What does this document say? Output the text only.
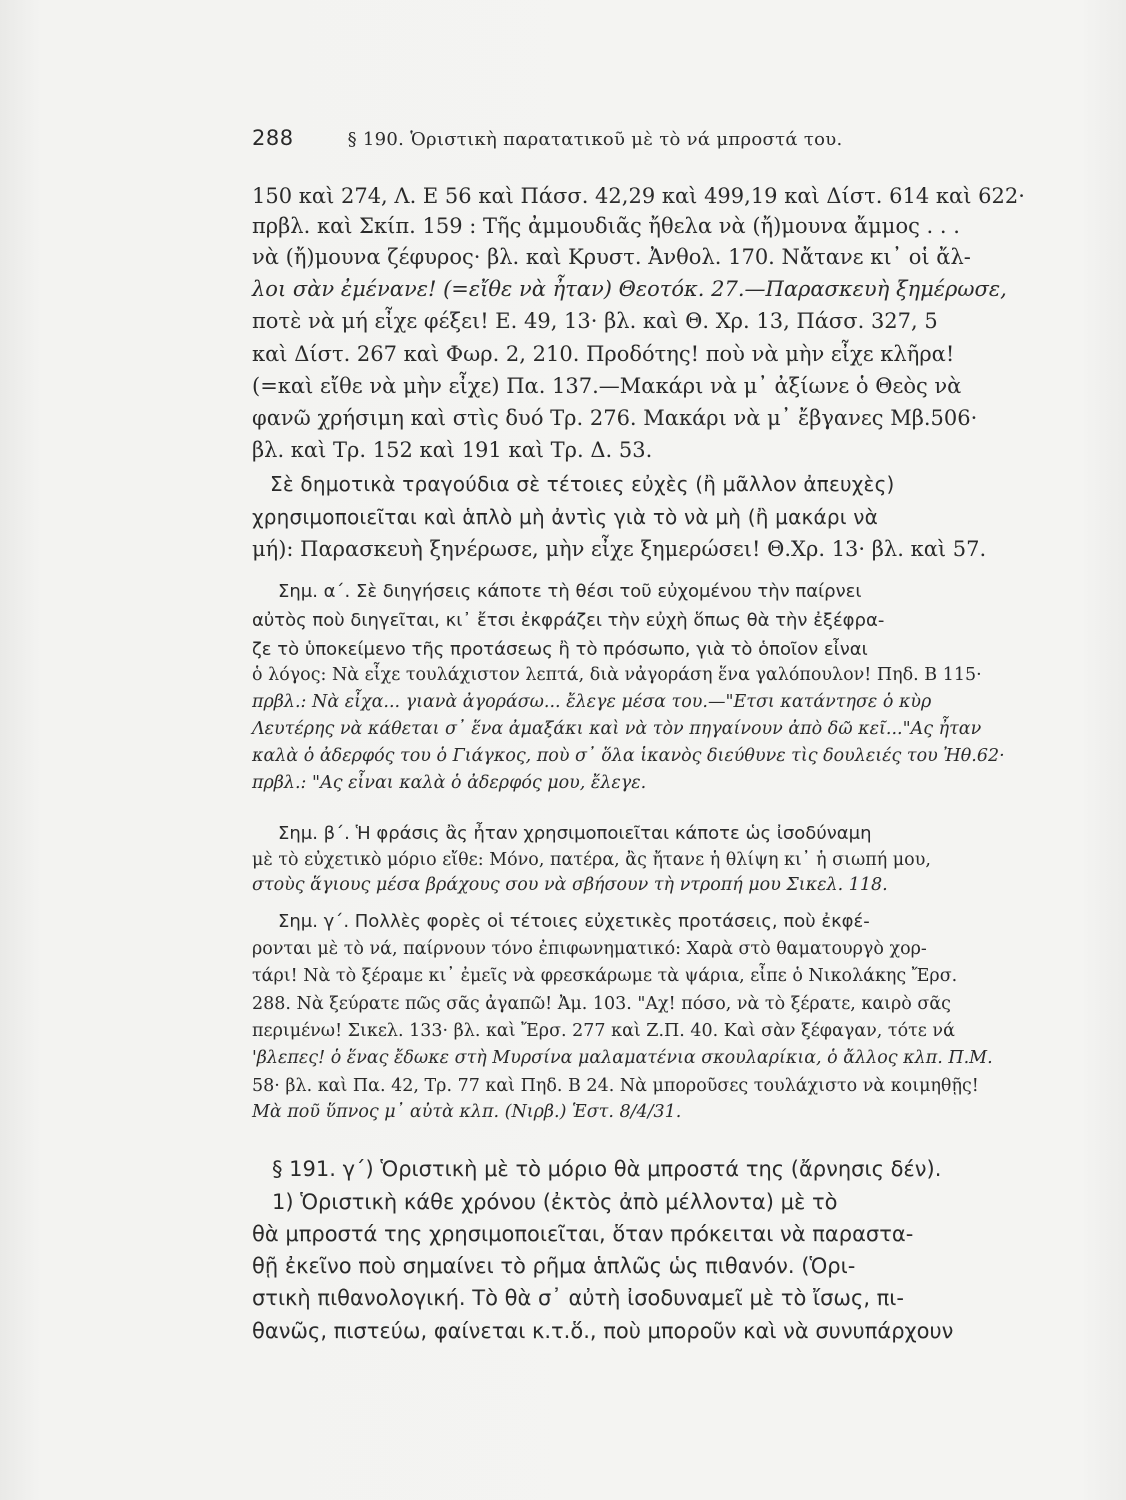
288	§ 190. Ὁριστικὴ παρατατικοῦ μὲ τὸ νά μπροστά του.
150 καὶ 274, Λ. Ε 56 καὶ Πάσσ. 42,29 καὶ 499,19 καὶ Δίστ. 614 καὶ 622·
πρβλ. καὶ Σκίπ. 159 : Τῆς ἀμμουδιᾶς ἤθελα νὰ (ἤ)μουνα ἄμμος . . .
νὰ (ἤ)μουνα ζέφυρος· βλ. καὶ Κρυστ. Ἀνθολ. 170. Νἄτανε κι᾿ οἱ ἄλ-
λοι σὰν ἐμένανε! (=εἴθε νὰ ἦταν) Θεοτόκ. 27.—Παρασκευὴ ξημέρωσε,
ποτὲ νὰ μή εἶχε φέξει! Ε. 49, 13· βλ. καὶ Θ. Χρ. 13, Πάσσ. 327, 5
καὶ Δίστ. 267 καὶ Φωρ. 2, 210. Προδότης! ποὺ νὰ μὴν εἶχε κλῆρα!
(=καὶ εἴθε νὰ μὴν εἶχε) Πα. 137.—Μακάρι νὰ μ᾿ ἀξίωνε ὁ Θεὸς νὰ
φανῶ χρήσιμη καὶ στὶς δυό Τρ. 276. Μακάρι νὰ μ᾿ ἔβγανες Μβ.506·
βλ. καὶ Τρ. 152 καὶ 191 καὶ Τρ. Δ. 53.
Σὲ δημοτικὰ τραγούδια σὲ τέτοιες εὐχὲς (ἢ μᾶλλον ἀπευχὲς)
χρησιμοποιεῖται καὶ ἁπλὸ μὴ ἀντὶς γιὰ τὸ νὰ μὴ (ἢ μακάρι νὰ
μή): Παρασκευὴ ξηνέρωσε, μὴν εἶχε ξημερώσει! Θ.Χρ. 13· βλ. καὶ 57.
Σημ. α΄. Σὲ διηγήσεις κάποτε τὴ θέσι τοῦ εὐχομένου τὴν παίρνει
αὐτὸς ποὺ διηγεῖται, κι᾿ ἔτσι ἐκφράζει τὴν εὐχὴ ὅπως θὰ τὴν ἐξέφρα-
ζε τὸ ὑποκείμενο τῆς προτάσεως ἢ τὸ πρόσωπο, γιὰ τὸ ὁποῖον εἶναι
ὁ λόγος: Νὰ εἶχε τουλάχιστον λεπτά, διὰ νἀγοράση ἕνα γαλόπουλον! Πηδ. Β 115·
πρβλ.: Νὰ εἶχα... γιανὰ ἀγοράσω... ἔλεγε μέσα του.—"Ετσι κατάντησε ὁ κὺρ
Λευτέρης νὰ κάθεται σ᾿ ἕνα ἀμαξάκι καὶ νὰ τὸν πηγαίνουν ἀπὸ δῶ κεῖ..."Ας ἦταν
καλὰ ὁ ἀδερφός του ὁ Γιάγκος, ποὺ σ᾿ ὅλα ἱκανὸς διεύθυνε τὶς δουλειές του Ἠθ.62·
πρβλ.: "Ας εἶναι καλὰ ὁ ἀδερφός μου, ἔλεγε.
Σημ. β΄. Ἡ φράσις ἂς ἦταν χρησιμοποιεῖται κάποτε ὡς ἰσοδύναμη
μὲ τὸ εὐχετικὸ μόριο εἴθε: Μόνο, πατέρα, ἂς ἤτανε ἡ θλίψη κι᾿ ἡ σιωπή μου,
στοὺς ἅγιους μέσα βράχους σου νὰ σβήσουν τὴ ντροπή μου Σικελ. 118.
Σημ. γ΄. Πολλὲς φορὲς οἱ τέτοιες εὐχετικὲς προτάσεις, ποὺ ἐκφέ-
ρονται μὲ τὸ νά, παίρνουν τόνο ἐπιφωνηματικό: Χαρὰ στὸ θαματουργὸ χορ-
τάρι! Νὰ τὸ ξέραμε κι᾿ ἐμεῖς νὰ φρεσκάρωμε τὰ ψάρια, εἶπε ὁ Νικολάκης Ἔρσ.
288. Νὰ ξεύρατε πῶς σᾶς ἀγαπῶ! Ἀμ. 103. "Αχ! πόσο, νὰ τὸ ξέρατε, καιρὸ σᾶς
περιμένω! Σικελ. 133· βλ. καὶ Ἔρσ. 277 καὶ Ζ.Π. 40. Καὶ σὰν ξέφαγαν, τότε νά
'βλεπες! ὁ ἕνας ἔδωκε στὴ Μυρσίνα μαλαματένια σκουλαρίκια, ὁ ἄλλος κλπ. Π.Μ.
58· βλ. καὶ Πα. 42, Τρ. 77 καὶ Πηδ. Β 24. Νὰ μποροῦσες τουλάχιστο νὰ κοιμηθῇς!
Μὰ ποῦ ὕπνος μ᾿ αὐτὰ κλπ. (Νιρβ.) Ἑστ. 8/4/31.
§ 191. γ΄) Ὁριστικὴ μὲ τὸ μόριο θὰ μπροστά της (ἄρνησις δέν).
1) Ὁριστικὴ κάθε χρόνου (ἐκτὸς ἀπὸ μέλλοντα) μὲ τὸ
θὰ μπροστά της χρησιμοποιεῖται, ὅταν πρόκειται νὰ παραστα-
θῇ ἐκεῖνο ποὺ σημαίνει τὸ ρῆμα ἁπλῶς ὡς πιθανόν. (Ὁρι-
στικὴ πιθανολογική. Τὸ θὰ σ᾿ αὐτὴ ἰσοδυναμεῖ μὲ τὸ ἴσως, πι-
θανῶς, πιστεύω, φαίνεται κ.τ.ὅ., ποὺ μποροῦν καὶ νὰ συνυπάρχουν
